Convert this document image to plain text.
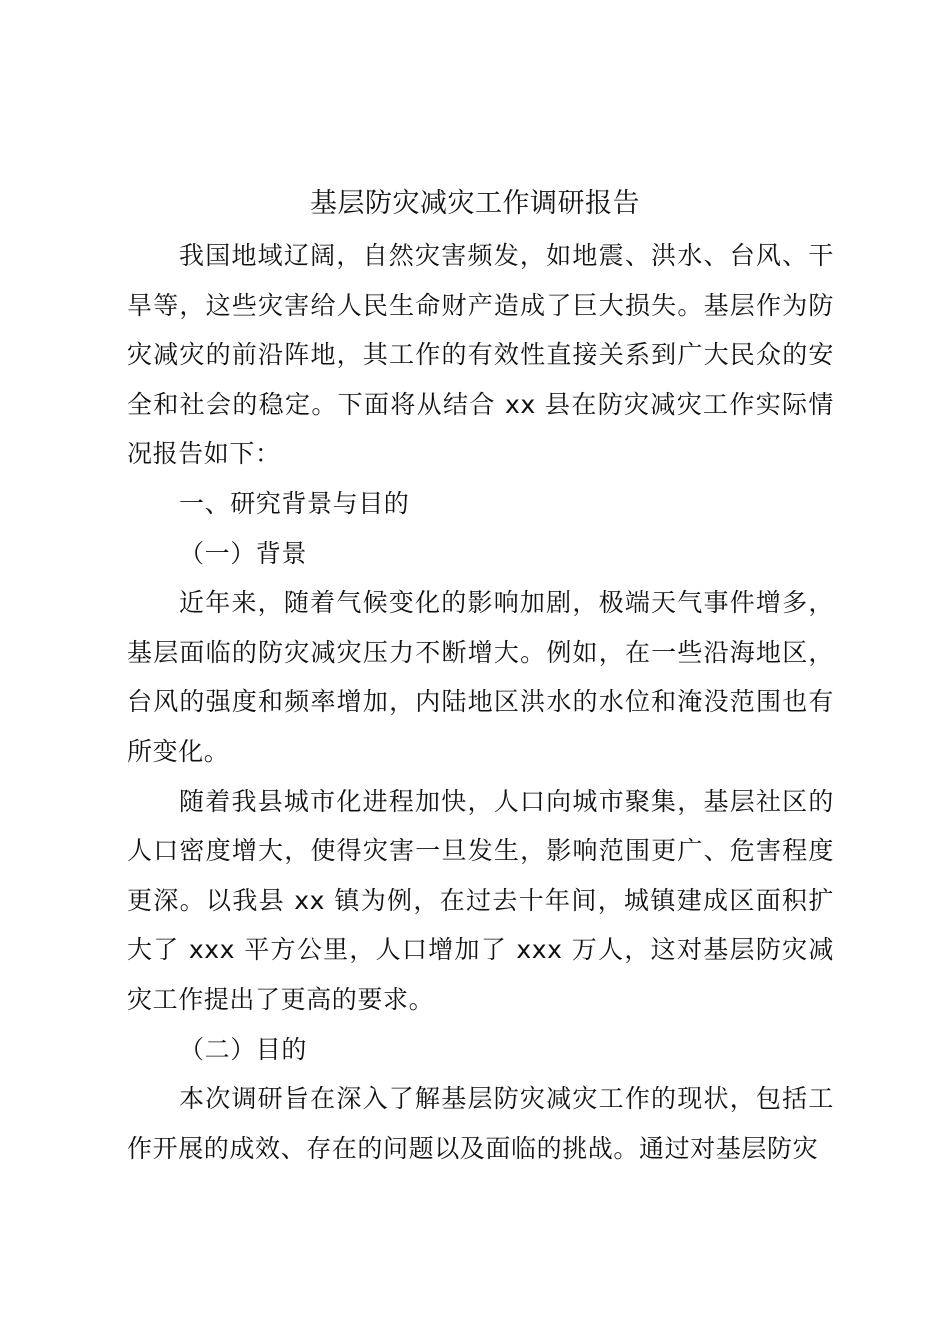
基层防灾减灾工作调研报告

我国地域辽阔，自然灾害频发，如地震、洪水、台风、干旱等，这些灾害给人民生命财产造成了巨大损失。基层作为防灾减灾的前沿阵地，其工作的有效性直接关系到广大民众的安全和社会的稳定。下面将从结合 xx 县在防灾减灾工作实际情况报告如下：

一、研究背景与目的

（一）背景

近年来，随着气候变化的影响加剧，极端天气事件增多，基层面临的防灾减灾压力不断增大。例如，在一些沿海地区，台风的强度和频率增加，内陆地区洪水的水位和淹没范围也有所变化。

随着我县城市化进程加快，人口向城市聚集，基层社区的人口密度增大，使得灾害一旦发生，影响范围更广、危害程度更深。以我县 xx 镇为例，在过去十年间，城镇建成区面积扩大了 xxx 平方公里，人口增加了 xxx 万人，这对基层防灾减灾工作提出了更高的要求。

（二）目的

本次调研旨在深入了解基层防灾减灾工作的现状，包括工作开展的成效、存在的问题以及面临的挑战。通过对基层防灾
